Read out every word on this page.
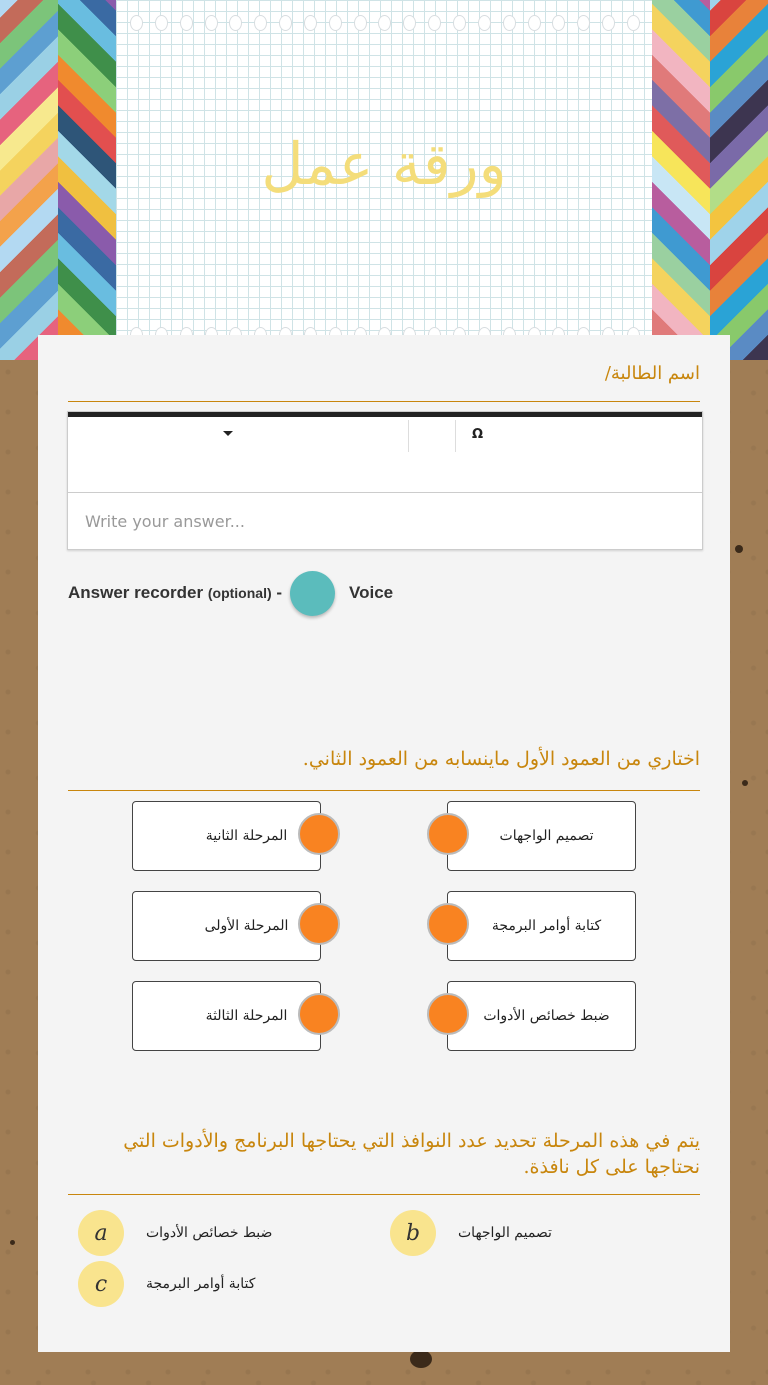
ورقة عمل
اسم الطالبة/
Ω
Write your answer...
Answer recorder
(optional)
-	Voice
اختاري من العمود الأول ماينسابه من العمود الثاني.
المرحلة الثانية	تصميم الواجهات
المرحلة الأولى	كتابة أوامر البرمجة
المرحلة الثالثة	ضبط خصائص الأدوات
يتم في هذه المرحلة تحديد عدد النوافذ التي يحتاجها البرنامج والأدوات التي نحتاجها على كل نافذة.
a	ضبط خصائص الأدوات	b	تصميم الواجهات
c	كتابة أوامر البرمجة
